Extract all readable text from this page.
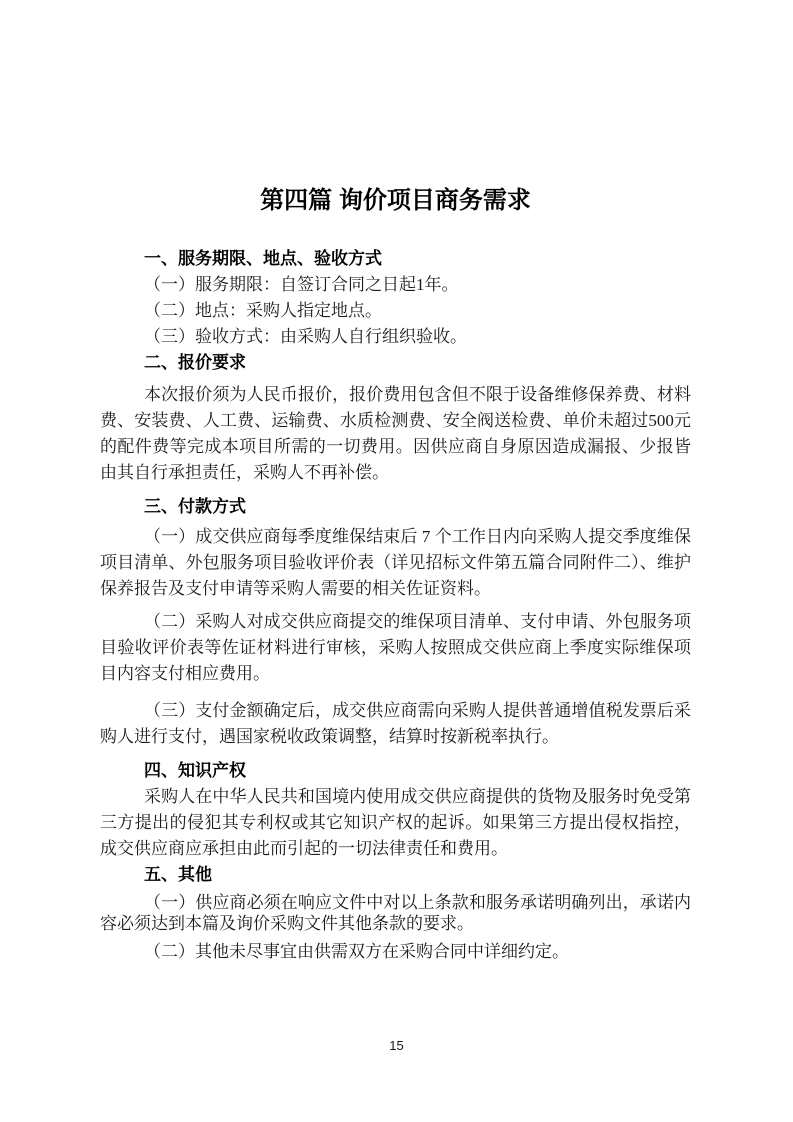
第四篇 询价项目商务需求
一、服务期限、地点、验收方式

（一）服务期限：自签订合同之日起1年。

（二）地点：采购人指定地点。

（三）验收方式：由采购人自行组织验收。

二、报价要求

本次报价须为人民币报价，报价费用包含但不限于设备维修保养费、材料费、安装费、人工费、运输费、水质检测费、安全阀送检费、单价未超过500元的配件费等完成本项目所需的一切费用。因供应商自身原因造成漏报、少报皆由其自行承担责任，采购人不再补偿。

三、付款方式

（一）成交供应商每季度维保结束后 7 个工作日内向采购人提交季度维保项目清单、外包服务项目验收评价表（详见招标文件第五篇合同附件二）、维护保养报告及支付申请等采购人需要的相关佐证资料。

（二）采购人对成交供应商提交的维保项目清单、支付申请、外包服务项目验收评价表等佐证材料进行审核，采购人按照成交供应商上季度实际维保项目内容支付相应费用。

（三）支付金额确定后，成交供应商需向采购人提供普通增值税发票后采购人进行支付，遇国家税收政策调整，结算时按新税率执行。

四、知识产权

采购人在中华人民共和国境内使用成交供应商提供的货物及服务时免受第三方提出的侵犯其专利权或其它知识产权的起诉。如果第三方提出侵权指控，成交供应商应承担由此而引起的一切法律责任和费用。

五、其他

（一）供应商必须在响应文件中对以上条款和服务承诺明确列出，承诺内容必须达到本篇及询价采购文件其他条款的要求。

（二）其他未尽事宜由供需双方在采购合同中详细约定。

15
